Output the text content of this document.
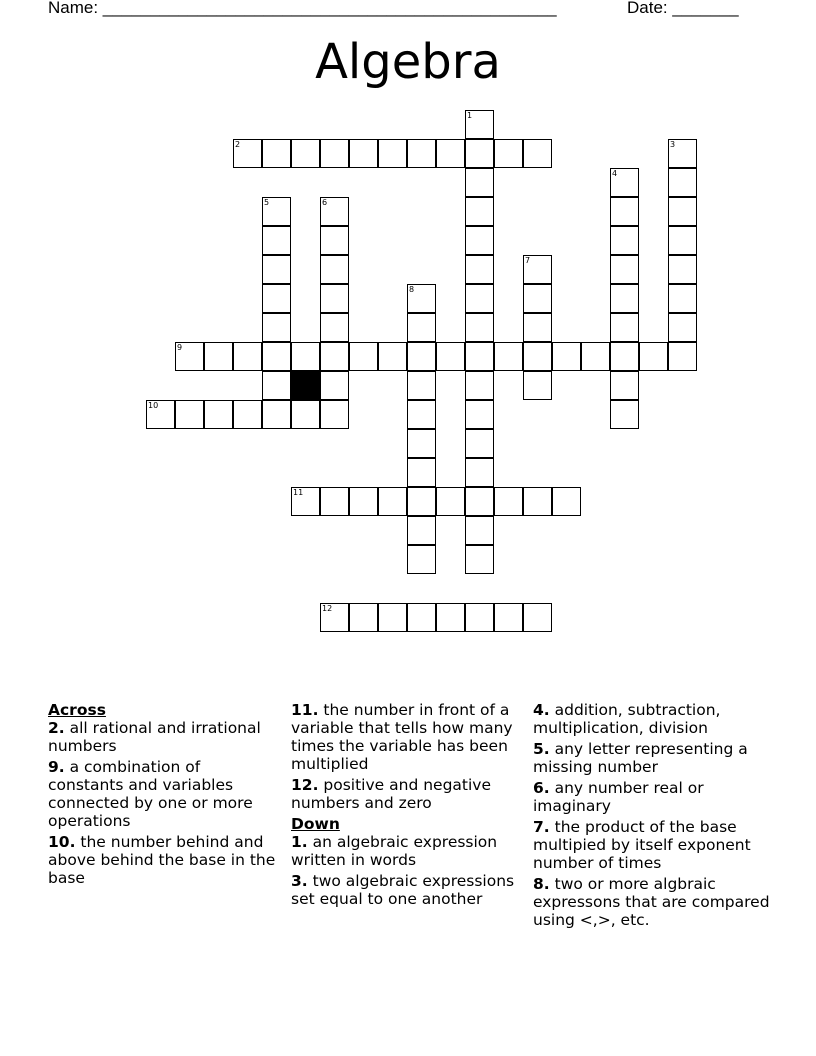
Name: ________________________________________________	Date: _______
Algebra
1
2	3
4
5	6
7
8
9
10
11
12
Across
2. all rational and irrational numbers
9. a combination of constants and variables connected by one or more operations
10. the number behind and above behind the base in the base
11. the number in front of a variable that tells how many times the variable has been multiplied
12. positive and negative numbers and zero
Down
1. an algebraic expression written in words
3. two algebraic expressions set equal to one another
4. addition, subtraction, multiplication, division
5. any letter representing a missing number
6. any number real or imaginary
7. the product of the base multipied by itself exponent number of times
8. two or more algbraic expressons that are compared using <,>, etc.
